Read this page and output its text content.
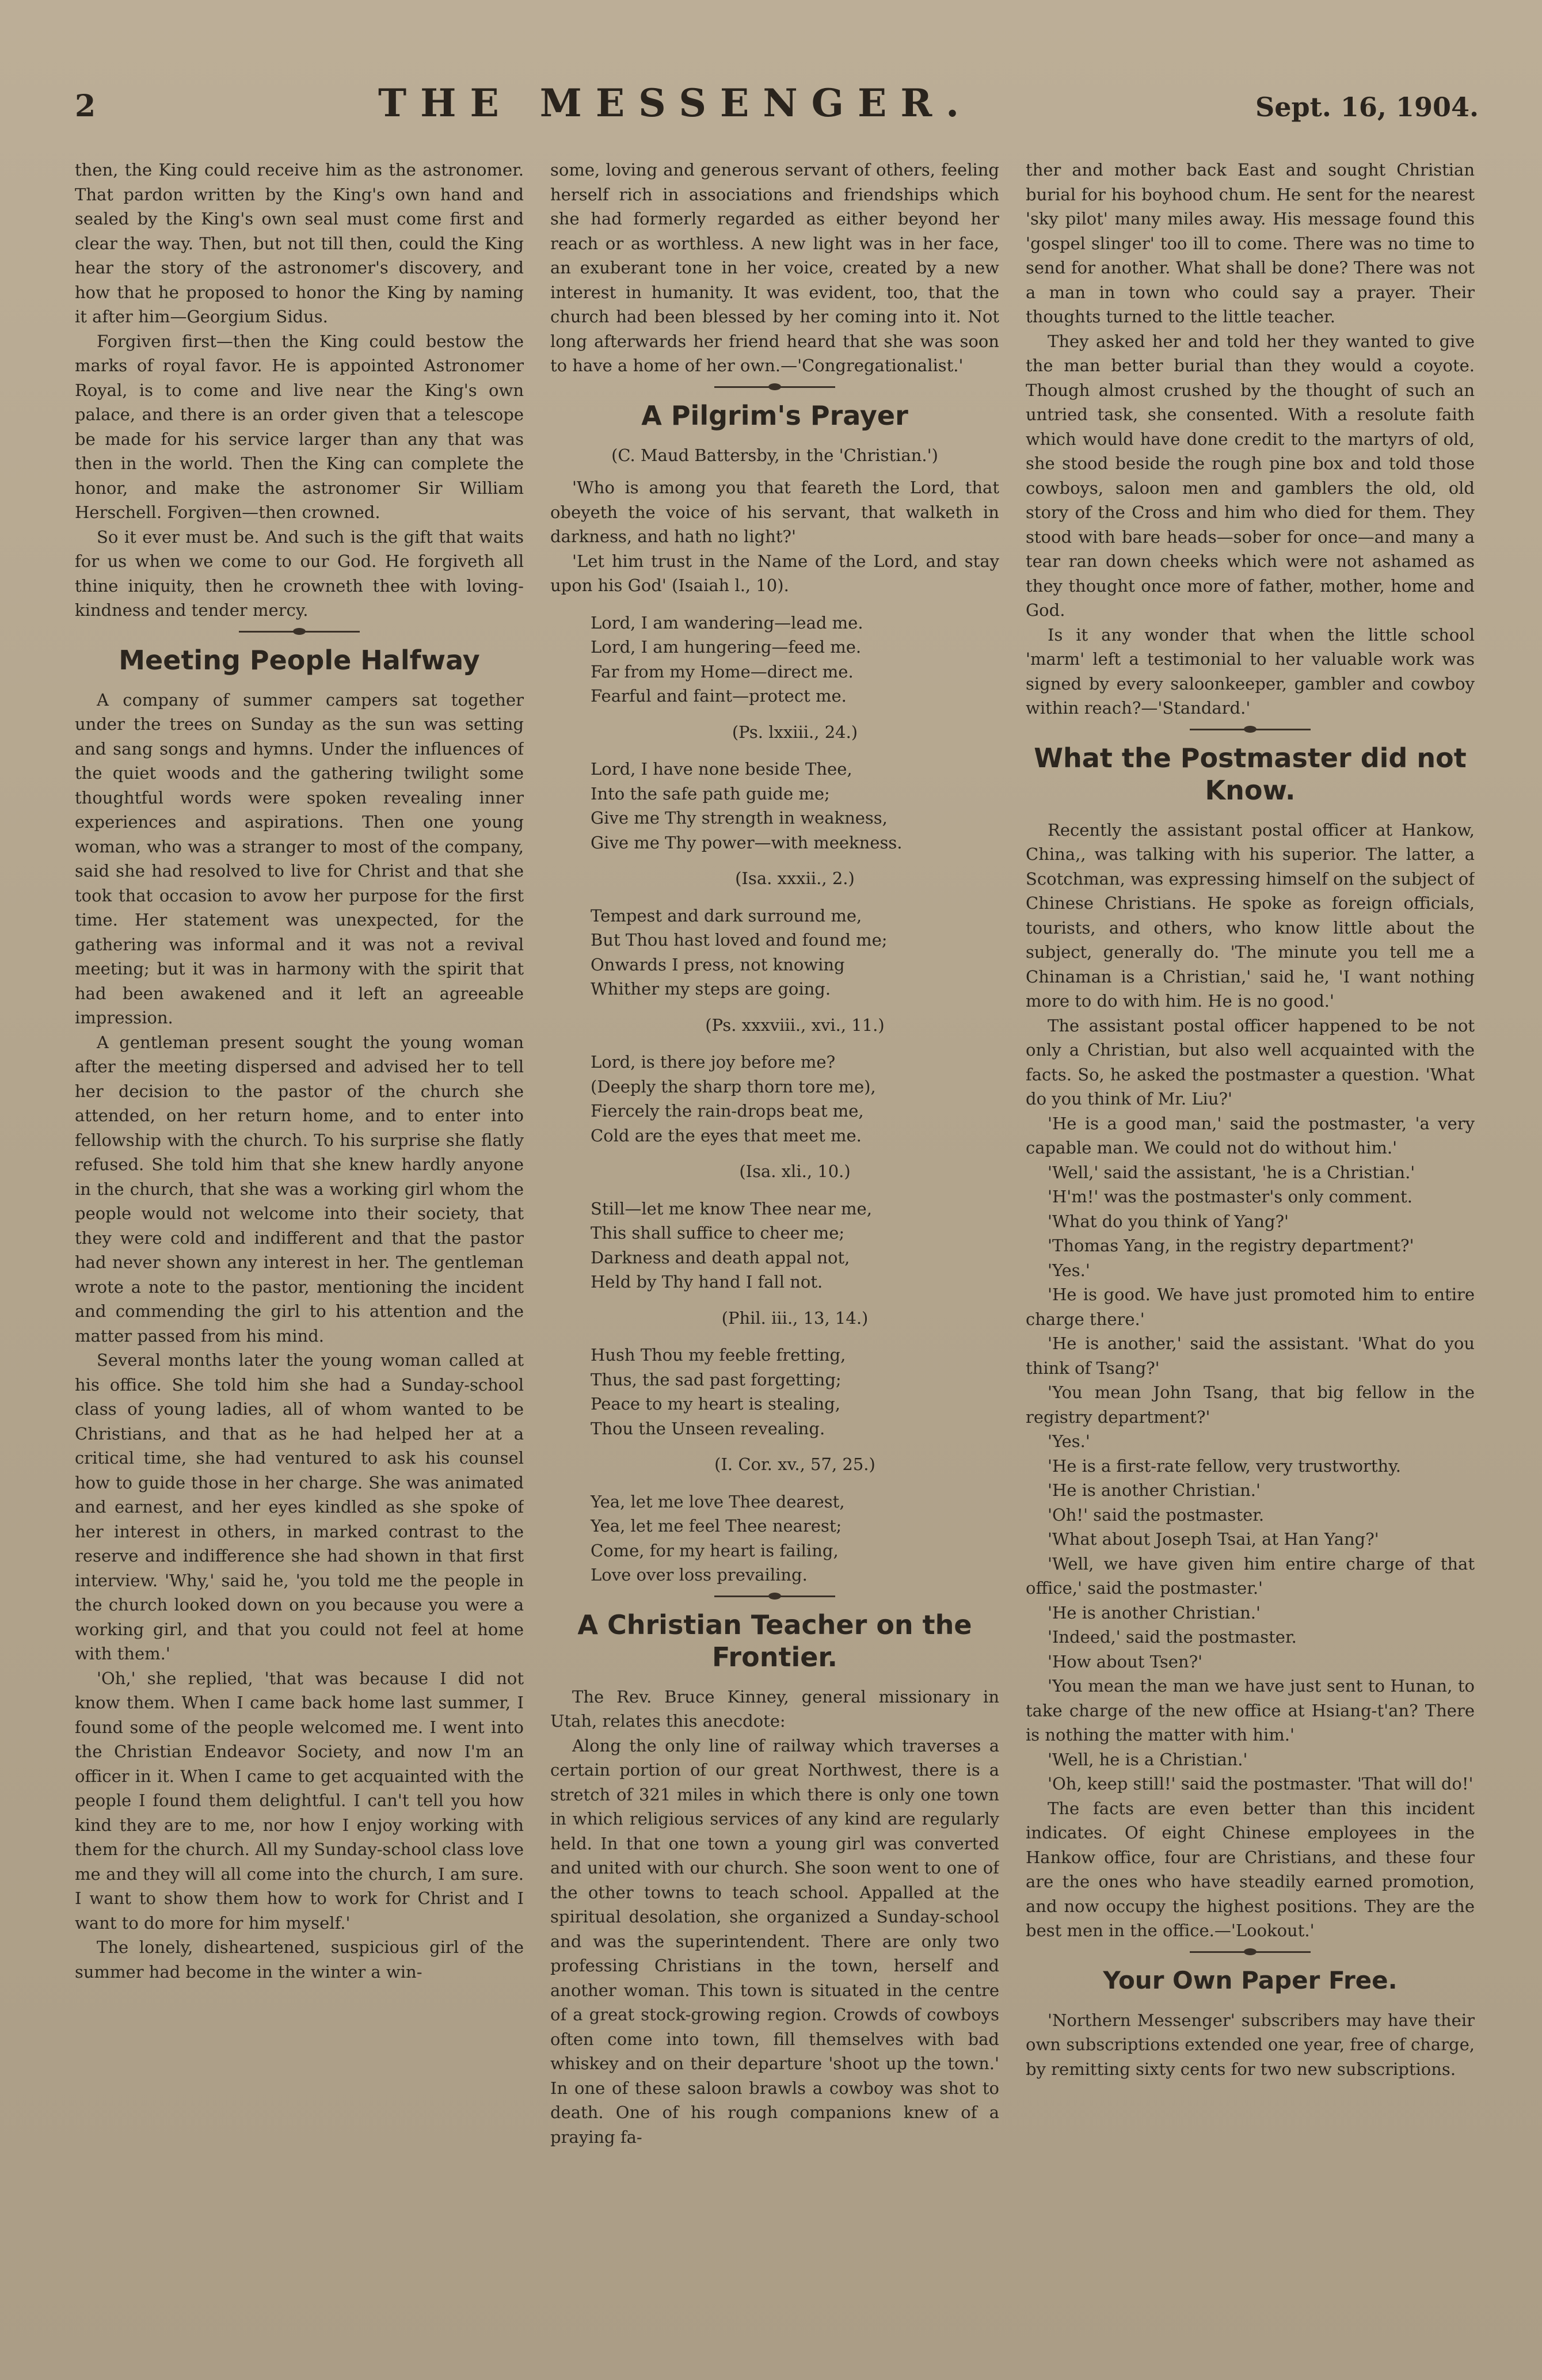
2	THE MESSENGER.	Sept. 16, 1904.

then, the King could receive him as the astronomer. That pardon written by the King's own hand and sealed by the King's own seal must come first and clear the way. Then, but not till then, could the King hear the story of the astronomer's discovery, and how that he proposed to honor the King by naming it after him—Georgium Sidus.

Forgiven first—then the King could bestow the marks of royal favor. He is appointed Astronomer Royal, is to come and live near the King's own palace, and there is an order given that a telescope be made for his service larger than any that was then in the world. Then the King can complete the honor, and make the astronomer Sir William Herschell. Forgiven—then crowned.

So it ever must be. And such is the gift that waits for us when we come to our God. He forgiveth all thine iniquity, then he crowneth thee with loving-kindness and tender mercy.

Meeting People Halfway

A company of summer campers sat together under the trees on Sunday as the sun was setting and sang songs and hymns. Under the influences of the quiet woods and the gathering twilight some thoughtful words were spoken revealing inner experiences and aspirations. Then one young woman, who was a stranger to most of the company, said she had resolved to live for Christ and that she took that occasion to avow her purpose for the first time. Her statement was unexpected, for the gathering was informal and it was not a revival meeting; but it was in harmony with the spirit that had been awakened and it left an agreeable impression.

A gentleman present sought the young woman after the meeting dispersed and advised her to tell her decision to the pastor of the church she attended, on her return home, and to enter into fellowship with the church. To his surprise she flatly refused. She told him that she knew hardly anyone in the church, that she was a working girl whom the people would not welcome into their society, that they were cold and indifferent and that the pastor had never shown any interest in her. The gentleman wrote a note to the pastor, mentioning the incident and commending the girl to his attention and the matter passed from his mind.

Several months later the young woman called at his office. She told him she had a Sunday-school class of young ladies, all of whom wanted to be Christians, and that as he had helped her at a critical time, she had ventured to ask his counsel how to guide those in her charge. She was animated and earnest, and her eyes kindled as she spoke of her interest in others, in marked contrast to the reserve and indifference she had shown in that first interview. 'Why,' said he, 'you told me the people in the church looked down on you because you were a working girl, and that you could not feel at home with them.'

'Oh,' she replied, 'that was because I did not know them. When I came back home last summer, I found some of the people welcomed me. I went into the Christian Endeavor Society, and now I'm an officer in it. When I came to get acquainted with the people I found them delightful. I can't tell you how kind they are to me, nor how I enjoy working with them for the church. All my Sunday-school class love me and they will all come into the church, I am sure. I want to show them how to work for Christ and I want to do more for him myself.'

The lonely, disheartened, suspicious girl of the summer had become in the winter a win-

some, loving and generous servant of others, feeling herself rich in associations and friendships which she had formerly regarded as either beyond her reach or as worthless. A new light was in her face, an exuberant tone in her voice, created by a new interest in humanity. It was evident, too, that the church had been blessed by her coming into it. Not long afterwards her friend heard that she was soon to have a home of her own.—'Congregationalist.'

A Pilgrim's Prayer

(C. Maud Battersby, in the 'Christian.')

'Who is among you that feareth the Lord, that obeyeth the voice of his servant, that walketh in darkness, and hath no light?'

'Let him trust in the Name of the Lord, and stay upon his God' (Isaiah l., 10).

Lord, I am wandering—lead me.
Lord, I am hungering—feed me.
Far from my Home—direct me.
Fearful and faint—protect me.
(Ps. lxxiii., 24.)
Lord, I have none beside Thee,
Into the safe path guide me;
Give me Thy strength in weakness,
Give me Thy power—with meekness.
(Isa. xxxii., 2.)
Tempest and dark surround me,
But Thou hast loved and found me;
Onwards I press, not knowing
Whither my steps are going.
(Ps. xxxviii., xvi., 11.)
Lord, is there joy before me?
(Deeply the sharp thorn tore me),
Fiercely the rain-drops beat me,
Cold are the eyes that meet me.
(Isa. xli., 10.)
Still—let me know Thee near me,
This shall suffice to cheer me;
Darkness and death appal not,
Held by Thy hand I fall not.
(Phil. iii., 13, 14.)
Hush Thou my feeble fretting,
Thus, the sad past forgetting;
Peace to my heart is stealing,
Thou the Unseen revealing.
(I. Cor. xv., 57, 25.)
Yea, let me love Thee dearest,
Yea, let me feel Thee nearest;
Come, for my heart is failing,
Love over loss prevailing.
A Christian Teacher on the Frontier.

The Rev. Bruce Kinney, general missionary in Utah, relates this anecdote:

Along the only line of railway which traverses a certain portion of our great Northwest, there is a stretch of 321 miles in which there is only one town in which religious services of any kind are regularly held. In that one town a young girl was converted and united with our church. She soon went to one of the other towns to teach school. Appalled at the spiritual desolation, she organized a Sunday-school and was the superintendent. There are only two professing Christians in the town, herself and another woman. This town is situated in the centre of a great stock-growing region. Crowds of cowboys often come into town, fill themselves with bad whiskey and on their departure 'shoot up the town.' In one of these saloon brawls a cowboy was shot to death. One of his rough companions knew of a praying fa-

ther and mother back East and sought Christian burial for his boyhood chum. He sent for the nearest 'sky pilot' many miles away. His message found this 'gospel slinger' too ill to come. There was no time to send for another. What shall be done? There was not a man in town who could say a prayer. Their thoughts turned to the little teacher.

They asked her and told her they wanted to give the man better burial than they would a coyote. Though almost crushed by the thought of such an untried task, she consented. With a resolute faith which would have done credit to the martyrs of old, she stood beside the rough pine box and told those cowboys, saloon men and gamblers the old, old story of the Cross and him who died for them. They stood with bare heads—sober for once—and many a tear ran down cheeks which were not ashamed as they thought once more of father, mother, home and God.

Is it any wonder that when the little school 'marm' left a testimonial to her valuable work was signed by every saloonkeeper, gambler and cowboy within reach?—'Standard.'

What the Postmaster did not Know.

Recently the assistant postal officer at Hankow, China,, was talking with his superior. The latter, a Scotchman, was expressing himself on the subject of Chinese Christians. He spoke as foreign officials, tourists, and others, who know little about the subject, generally do. 'The minute you tell me a Chinaman is a Christian,' said he, 'I want nothing more to do with him. He is no good.'

The assistant postal officer happened to be not only a Christian, but also well acquainted with the facts. So, he asked the postmaster a question. 'What do you think of Mr. Liu?'

'He is a good man,' said the postmaster, 'a very capable man. We could not do without him.'

'Well,' said the assistant, 'he is a Christian.'

'H'm!' was the postmaster's only comment.

'What do you think of Yang?'

'Thomas Yang, in the registry department?'

'Yes.'

'He is good. We have just promoted him to entire charge there.'

'He is another,' said the assistant. 'What do you think of Tsang?'

'You mean John Tsang, that big fellow in the registry department?'

'Yes.'

'He is a first-rate fellow, very trustworthy.

'He is another Christian.'

'Oh!' said the postmaster.

'What about Joseph Tsai, at Han Yang?'

'Well, we have given him entire charge of that office,' said the postmaster.'

'He is another Christian.'

'Indeed,' said the postmaster.

'How about Tsen?'

'You mean the man we have just sent to Hunan, to take charge of the new office at Hsiang-t'an? There is nothing the matter with him.'

'Well, he is a Christian.'

'Oh, keep still!' said the postmaster. 'That will do!'

The facts are even better than this incident indicates. Of eight Chinese employees in the Hankow office, four are Christians, and these four are the ones who have steadily earned promotion, and now occupy the highest positions. They are the best men in the office.—'Lookout.'

Your Own Paper Free.

'Northern Messenger' subscribers may have their own subscriptions extended one year, free of charge, by remitting sixty cents for two new subscriptions.
